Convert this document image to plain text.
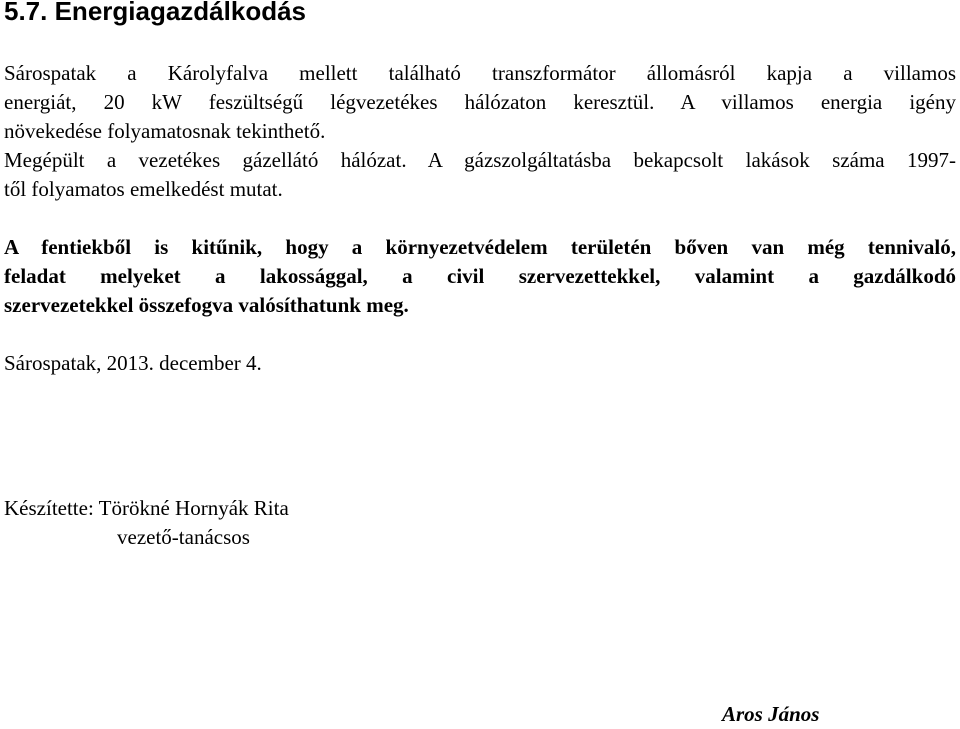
5.7. Energiagazdálkodás

Sárospatak a Károlyfalva mellett található transzformátor állomásról kapja a villamos
energiát, 20 kW feszültségű légvezetékes hálózaton keresztül. A villamos energia igény
növekedése folyamatosnak tekinthető.

Megépült a vezetékes gázellátó hálózat. A gázszolgáltatásba bekapcsolt lakások száma 1997-
től folyamatos emelkedést mutat.

A fentiekből is kitűnik, hogy a környezetvédelem területén bőven van még tennivaló,
feladat melyeket a lakossággal, a civil szervezettekkel, valamint a gazdálkodó
szervezetekkel összefogva valósíthatunk meg.

Sárospatak, 2013. december 4.

Készítette: Törökné Hornyák Rita
vezető-tanácsos
Aros János
